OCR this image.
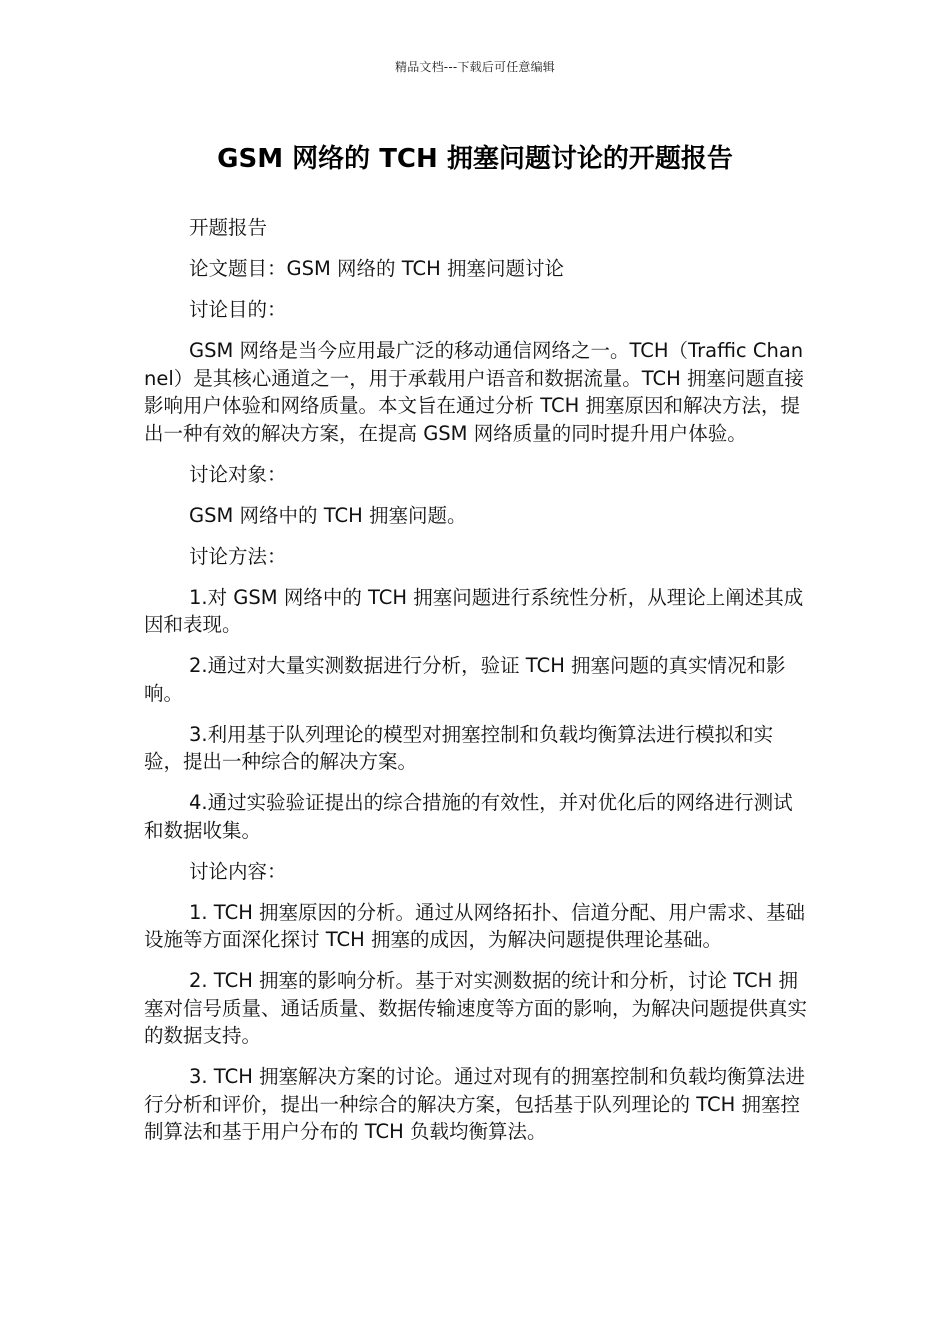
精品文档---下载后可任意编辑
GSM 网络的 TCH 拥塞问题讨论的开题报告

开题报告

论文题目：GSM 网络的 TCH 拥塞问题讨论

讨论目的：

GSM 网络是当今应用最广泛的移动通信网络之一。TCH（Traffic Channel）是其核心通道之一，用于承载用户语音和数据流量。TCH 拥塞问题直接影响用户体验和网络质量。本文旨在通过分析 TCH 拥塞原因和解决方法，提出一种有效的解决方案，在提高 GSM 网络质量的同时提升用户体验。

讨论对象：

GSM 网络中的 TCH 拥塞问题。

讨论方法：

1.对 GSM 网络中的 TCH 拥塞问题进行系统性分析，从理论上阐述其成因和表现。

2.通过对大量实测数据进行分析，验证 TCH 拥塞问题的真实情况和影响。

3.利用基于队列理论的模型对拥塞控制和负载均衡算法进行模拟和实验，提出一种综合的解决方案。

4.通过实验验证提出的综合措施的有效性，并对优化后的网络进行测试和数据收集。

讨论内容：

1. TCH 拥塞原因的分析。通过从网络拓扑、信道分配、用户需求、基础设施等方面深化探讨 TCH 拥塞的成因，为解决问题提供理论基础。

2. TCH 拥塞的影响分析。基于对实测数据的统计和分析，讨论 TCH 拥塞对信号质量、通话质量、数据传输速度等方面的影响，为解决问题提供真实的数据支持。

3. TCH 拥塞解决方案的讨论。通过对现有的拥塞控制和负载均衡算法进行分析和评价，提出一种综合的解决方案，包括基于队列理论的 TCH 拥塞控制算法和基于用户分布的 TCH 负载均衡算法。
